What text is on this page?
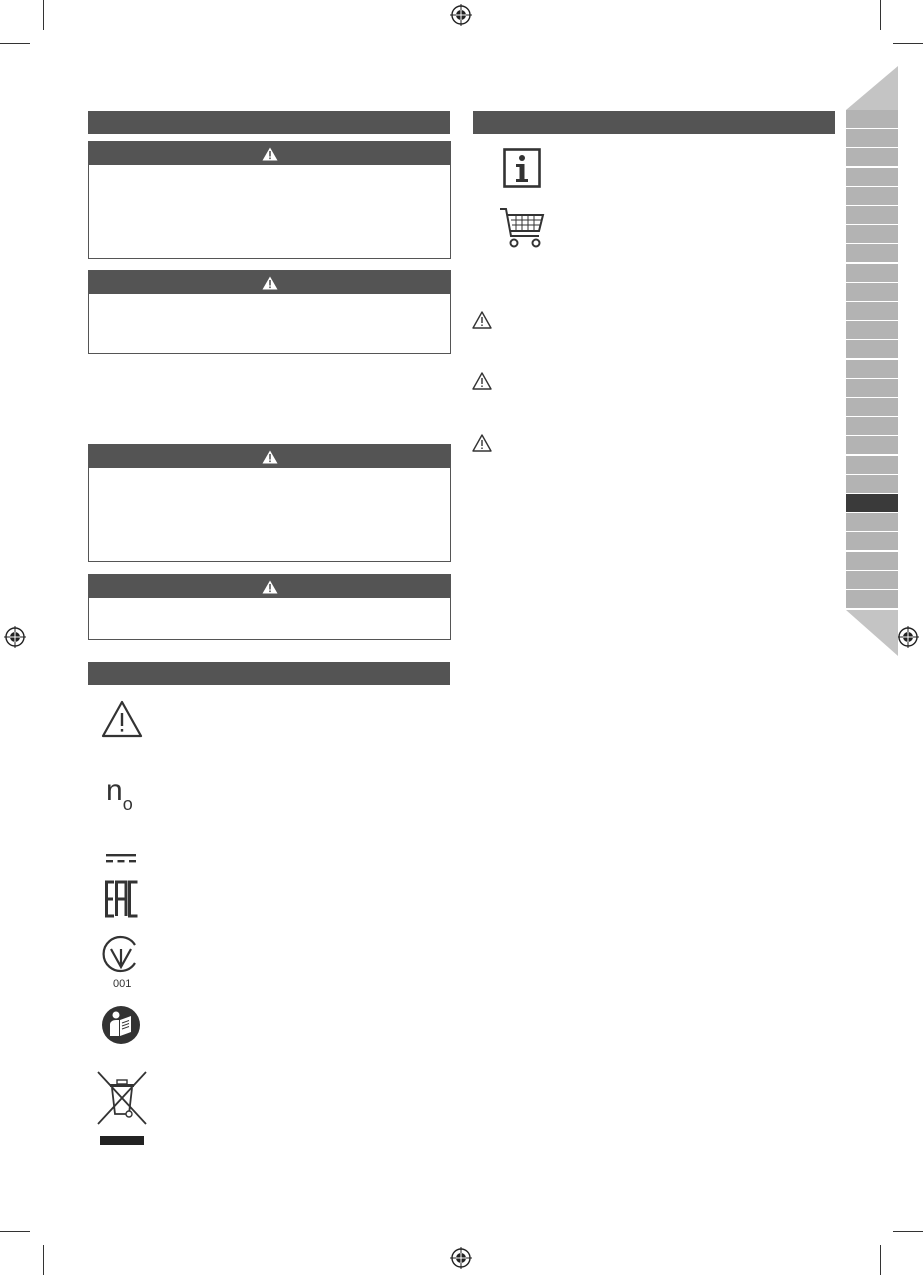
$n_o$
001
